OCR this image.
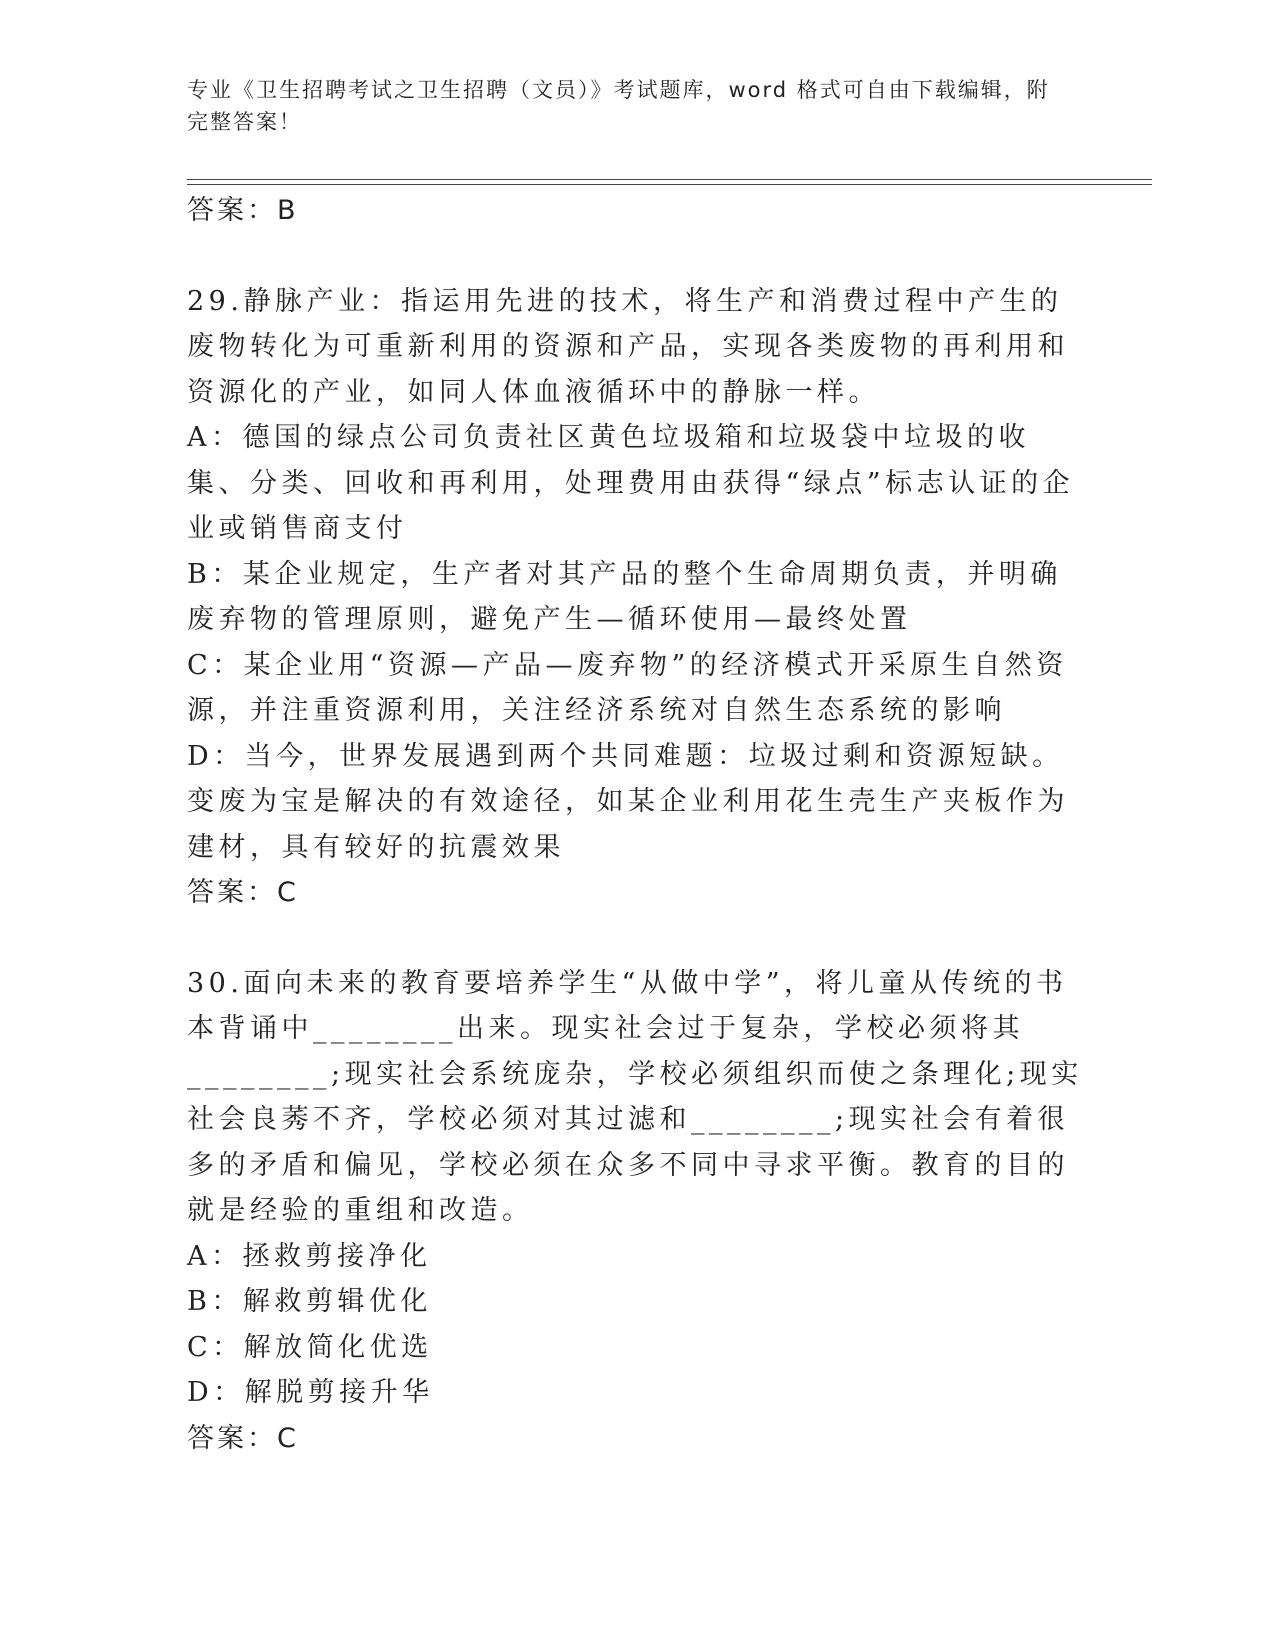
专业《卫生招聘考试之卫生招聘（文员）》考试题库，word 格式可自由下载编辑，附完整答案！

答案：B

29.静脉产业：指运用先进的技术，将生产和消费过程中产生的废物转化为可重新利用的资源和产品，实现各类废物的再利用和资源化的产业，如同人体血液循环中的静脉一样。

A：德国的绿点公司负责社区黄色垃圾箱和垃圾袋中垃圾的收集、分类、回收和再利用，处理费用由获得“绿点”标志认证的企业或销售商支付

B：某企业规定，生产者对其产品的整个生命周期负责，并明确废弃物的管理原则，避免产生—循环使用—最终处置

C：某企业用“资源—产品—废弃物”的经济模式开采原生自然资源，并注重资源利用，关注经济系统对自然生态系统的影响

D：当今，世界发展遇到两个共同难题：垃圾过剩和资源短缺。变废为宝是解决的有效途径，如某企业利用花生壳生产夹板作为建材，具有较好的抗震效果

答案：C

30.面向未来的教育要培养学生“从做中学”，将儿童从传统的书本背诵中________出来。现实社会过于复杂，学校必须将其________;现实社会系统庞杂，学校必须组织而使之条理化;现实社会良莠不齐，学校必须对其过滤和________;现实社会有着很多的矛盾和偏见，学校必须在众多不同中寻求平衡。教育的目的就是经验的重组和改造。

A：拯救剪接净化

B：解救剪辑优化

C：解放简化优选

D：解脱剪接升华

答案：C
